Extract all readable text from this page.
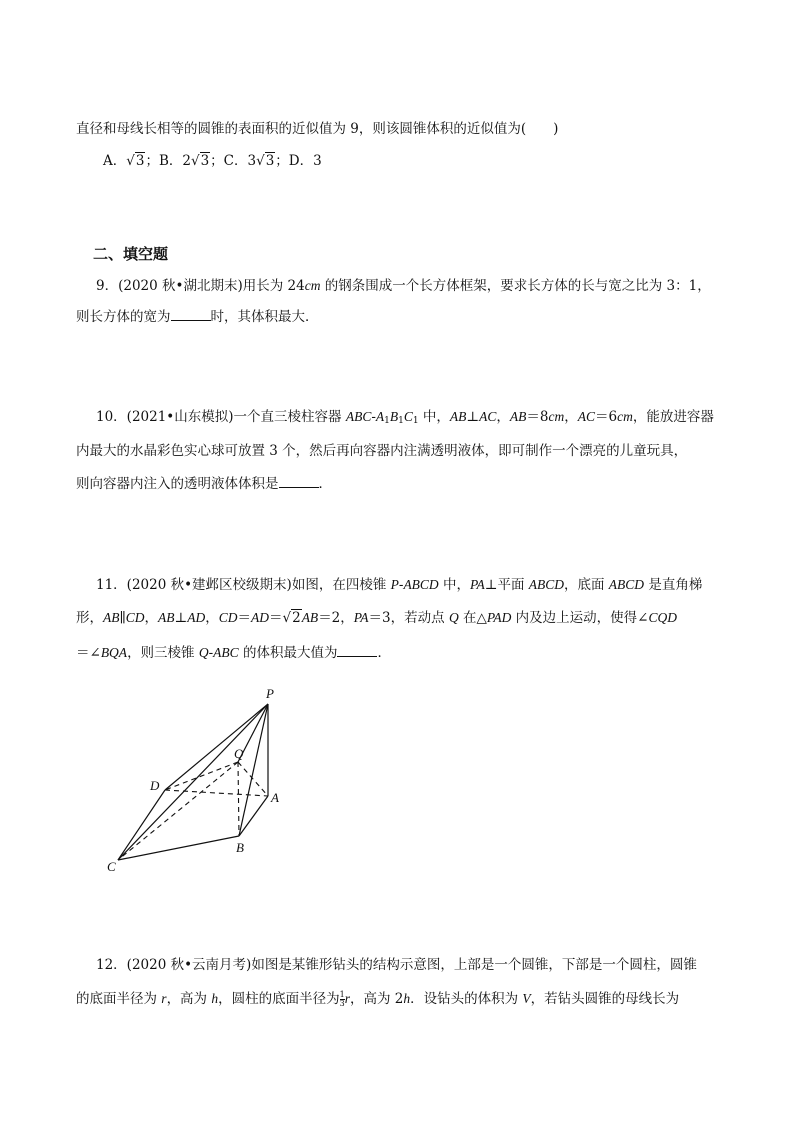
直径和母线长相等的圆锥的表面积的近似值为 9，则该圆锥体积的近似值为(　　)
A．√3；B．2√3；C．3√3；D．3
二、填空题
9．(2020 秋•湖北期末)用长为 24cm 的钢条围成一个长方体框架，要求长方体的长与宽之比为 3：1，
则长方体的宽为	时，其体积最大．
10．(2021•山东模拟)一个直三棱柱容器 ABC-$A_1B_1C_1$ 中，AB⊥AC，AB＝8cm，AC＝6cm，能放进容器
内最大的水晶彩色实心球可放置 3 个，然后再向容器内注满透明液体，即可制作一个漂亮的儿童玩具，
则向容器内注入的透明液体体积是	．
11．(2020 秋•建邺区校级期末)如图，在四棱锥 P-ABCD 中，PA⊥平面 ABCD，底面 ABCD 是直角梯
形，AB∥CD，AB⊥AD，CD＝AD＝√2AB＝2，PA＝3，若动点 Q 在△PAD 内及边上运动，使得∠CQD
＝∠BQA，则三棱锥 Q-ABC 的体积最大值为	．
P
Q
D
A
B
C
12．(2020 秋•云南月考)如图是某锥形钻头的结构示意图，上部是一个圆锥，下部是一个圆柱，圆锥
的底面半径为 r，高为 h，圆柱的底面半径为 $\frac{1}{3}$ r，高为 2h．设钻头的体积为 V，若钻头圆锥的母线长为
